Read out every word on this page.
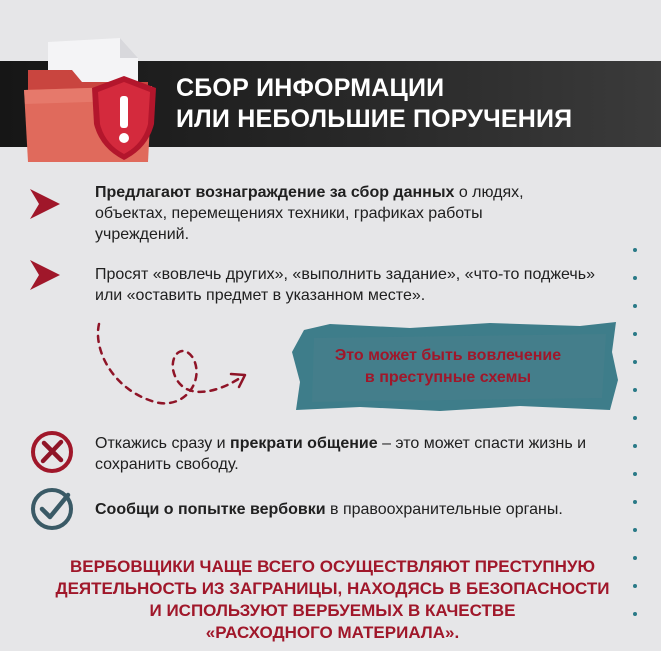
СБОР ИНФОРМАЦИИ
ИЛИ НЕБОЛЬШИЕ ПОРУЧЕНИЯ
Предлагают вознаграждение за сбор данных о людях, объектах, перемещениях техники, графиках работы учреждений.
Просят «вовлечь других», «выполнить задание», «что-то поджечь» или «оставить предмет в указанном месте».
Это может быть вовлечение
в преступные схемы
Откажись сразу и прекрати общение – это может спасти жизнь и сохранить свободу.
Сообщи о попытке вербовки в правоохранительные органы.
ВЕРБОВЩИКИ ЧАЩЕ ВСЕГО ОСУЩЕСТВЛЯЮТ ПРЕСТУПНУЮ
ДЕЯТЕЛЬНОСТЬ ИЗ ЗАГРАНИЦЫ, НАХОДЯСЬ В БЕЗОПАСНОСТИ
И ИСПОЛЬЗУЮТ ВЕРБУЕМЫХ В КАЧЕСТВЕ
«РАСХОДНОГО МАТЕРИАЛА».
